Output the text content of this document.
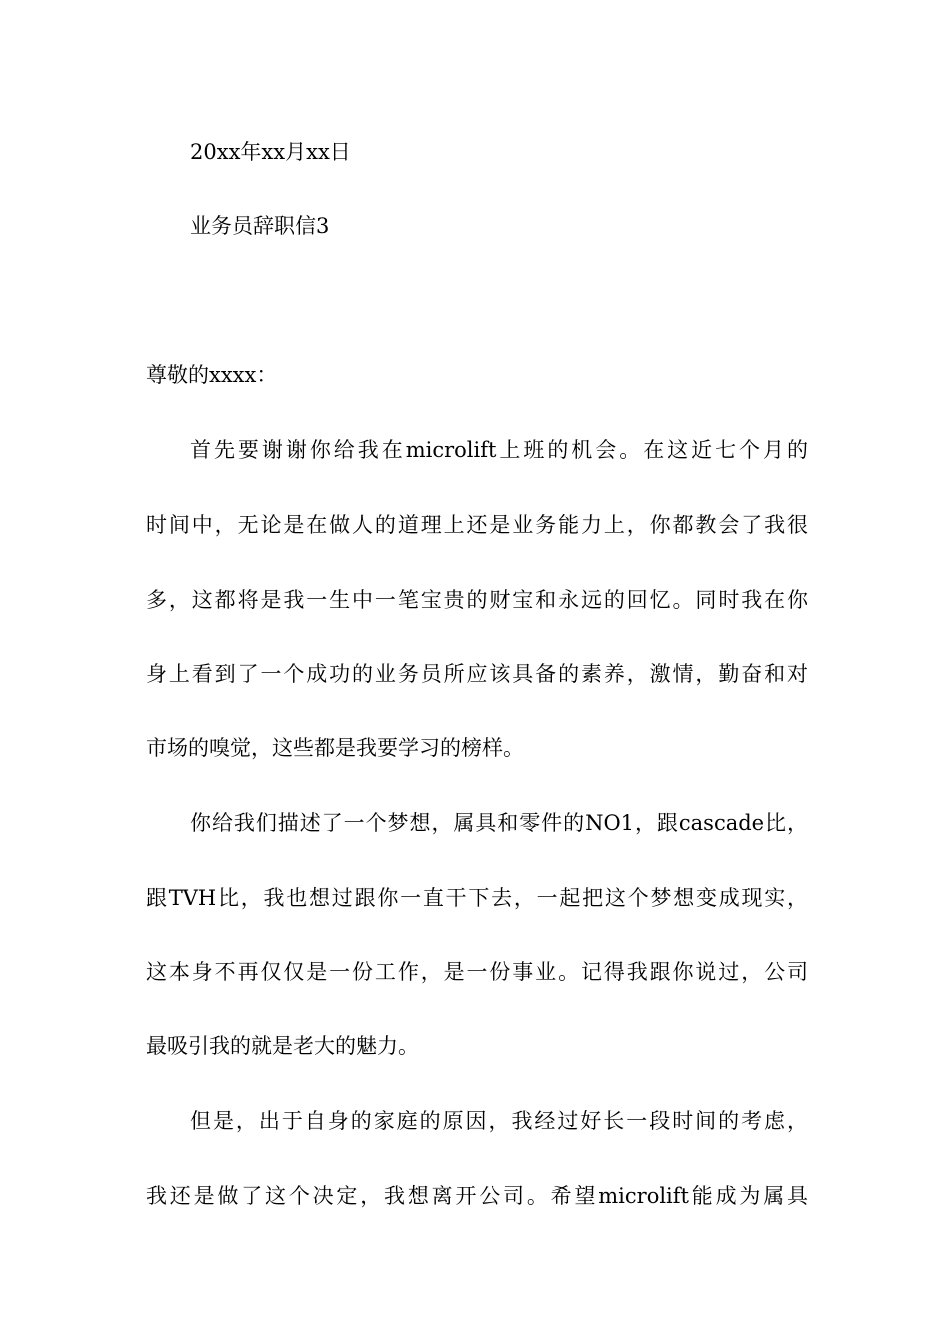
20xx年xx月xx日
业务员辞职信3
尊敬的xxxx：
首先要谢谢你给我在microlift上班的机会。在这近七个月的
时间中，无论是在做人的道理上还是业务能力上，你都教会了我很
多，这都将是我一生中一笔宝贵的财宝和永远的回忆。同时我在你
身上看到了一个成功的业务员所应该具备的素养，激情，勤奋和对
市场的嗅觉，这些都是我要学习的榜样。
你给我们描述了一个梦想，属具和零件的NO1，跟cascade比，
跟TVH比，我也想过跟你一直干下去，一起把这个梦想变成现实，
这本身不再仅仅是一份工作，是一份事业。记得我跟你说过，公司
最吸引我的就是老大的魅力。
但是，出于自身的家庭的原因，我经过好长一段时间的考虑，
我还是做了这个决定，我想离开公司。希望microlift能成为属具
